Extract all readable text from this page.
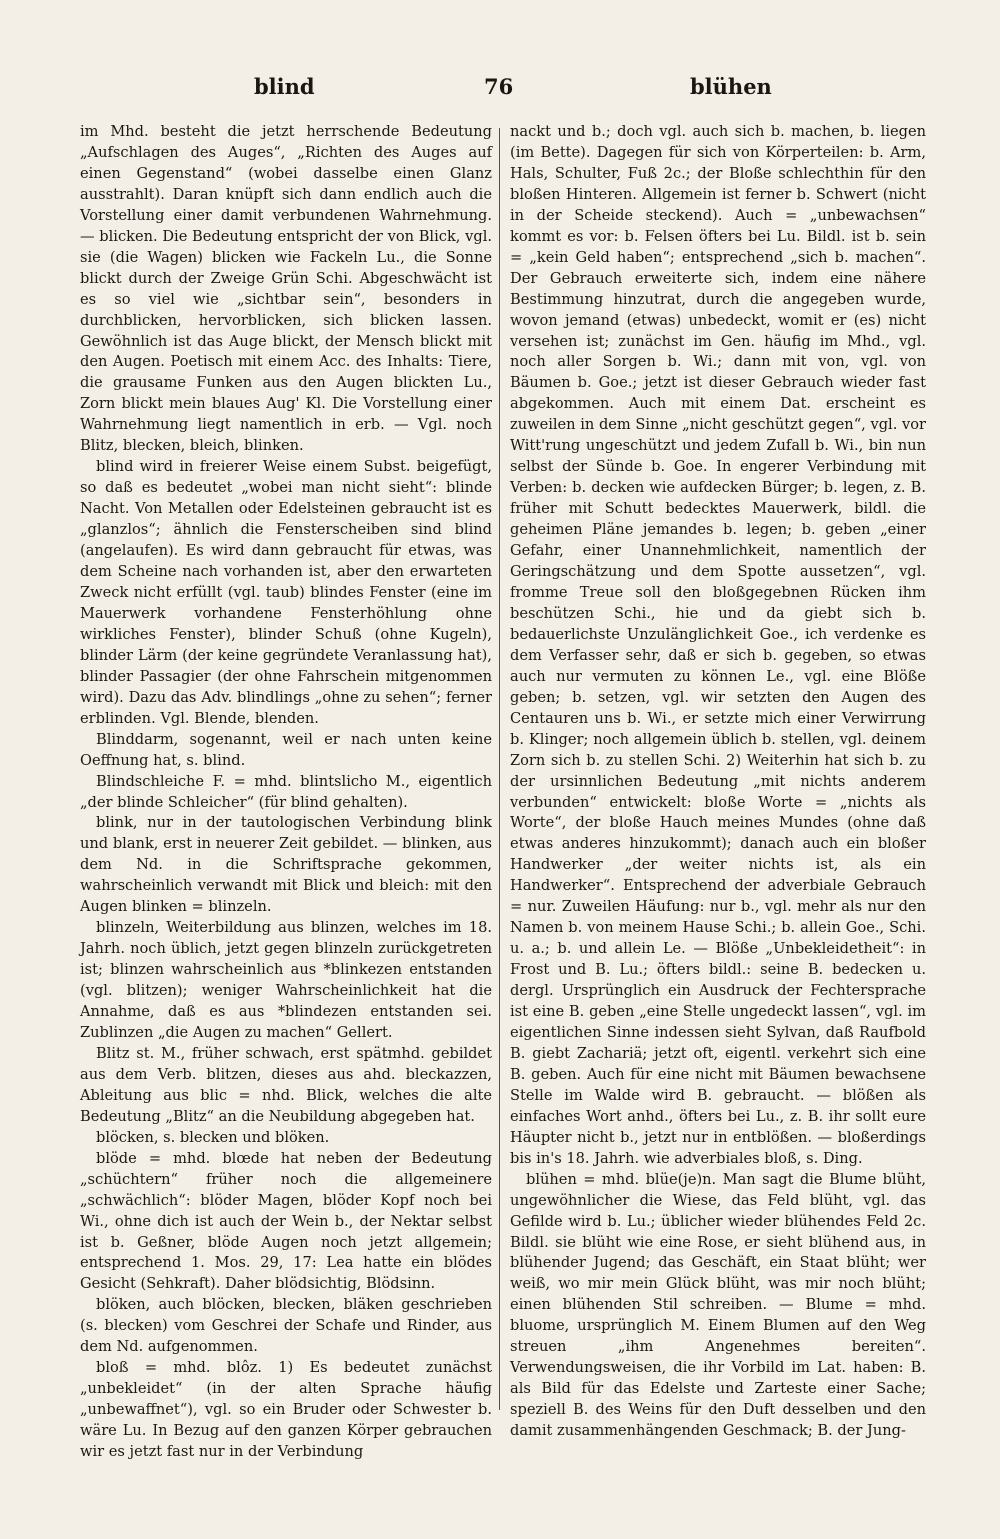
blind	76	blühen

im Mhd. besteht die jetzt herrschende Bedeutung „Aufschlagen des Auges“, „Richten des Auges auf einen Gegenstand“ (wobei dasselbe einen Glanz ausstrahlt). Daran knüpft sich dann endlich auch die Vorstellung einer damit verbundenen Wahrnehmung. — blicken. Die Bedeutung entspricht der von Blick, vgl. sie (die Wagen) blicken wie Fackeln Lu., die Sonne blickt durch der Zweige Grün Schi. Abgeschwächt ist es so viel wie „sichtbar sein“, besonders in durchblicken, hervorblicken, sich blicken lassen. Gewöhnlich ist das Auge blickt, der Mensch blickt mit den Augen. Poetisch mit einem Acc. des Inhalts: Tiere, die grausame Funken aus den Augen blickten Lu., Zorn blickt mein blaues Aug' Kl. Die Vorstellung einer Wahrnehmung liegt namentlich in erb. — Vgl. noch Blitz, blecken, bleich, blinken.

blind wird in freierer Weise einem Subst. beigefügt, so daß es bedeutet „wobei man nicht sieht“: blinde Nacht. Von Metallen oder Edelsteinen gebraucht ist es „glanzlos“; ähnlich die Fensterscheiben sind blind (angelaufen). Es wird dann gebraucht für etwas, was dem Scheine nach vorhanden ist, aber den erwarteten Zweck nicht erfüllt (vgl. taub) blindes Fenster (eine im Mauerwerk vorhandene Fensterhöhlung ohne wirkliches Fenster), blinder Schuß (ohne Kugeln), blinder Lärm (der keine gegründete Veranlassung hat), blinder Passagier (der ohne Fahrschein mitgenommen wird). Dazu das Adv. blindlings „ohne zu sehen“; ferner erblinden. Vgl. Blende, blenden.

Blinddarm, sogenannt, weil er nach unten keine Oeffnung hat, s. blind.

Blindschleiche F. = mhd. blintslicho M., eigentlich „der blinde Schleicher“ (für blind gehalten).

blink, nur in der tautologischen Verbindung blink und blank, erst in neuerer Zeit gebildet. — blinken, aus dem Nd. in die Schriftsprache gekommen, wahrscheinlich verwandt mit Blick und bleich: mit den Augen blinken = blinzeln.

blinzeln, Weiterbildung aus blinzen, welches im 18. Jahrh. noch üblich, jetzt gegen blinzeln zurückgetreten ist; blinzen wahrscheinlich aus *blinkezen entstanden (vgl. blitzen); weniger Wahrscheinlichkeit hat die Annahme, daß es aus *blindezen entstanden sei. Zublinzen „die Augen zu machen“ Gellert.

Blitz st. M., früher schwach, erst spätmhd. gebildet aus dem Verb. blitzen, dieses aus ahd. bleckazzen, Ableitung aus blic = nhd. Blick, welches die alte Bedeutung „Blitz“ an die Neubildung abgegeben hat.

blöcken, s. blecken und blöken.

blöde = mhd. blœde hat neben der Bedeutung „schüchtern“ früher noch die allgemeinere „schwächlich“: blöder Magen, blöder Kopf noch bei Wi., ohne dich ist auch der Wein b., der Nektar selbst ist b. Geßner, blöde Augen noch jetzt allgemein; entsprechend 1. Mos. 29, 17: Lea hatte ein blödes Gesicht (Sehkraft). Daher blödsichtig, Blödsinn.

blöken, auch blöcken, blecken, bläken geschrieben (s. blecken) vom Geschrei der Schafe und Rinder, aus dem Nd. aufgenommen.

bloß = mhd. blôz. 1) Es bedeutet zunächst „unbekleidet“ (in der alten Sprache häufig „unbewaffnet“), vgl. so ein Bruder oder Schwester b. wäre Lu. In Bezug auf den ganzen Körper gebrauchen wir es jetzt fast nur in der Verbindung

nackt und b.; doch vgl. auch sich b. machen, b. liegen (im Bette). Dagegen für sich von Körperteilen: b. Arm, Hals, Schulter, Fuß 2c.; der Bloße schlechthin für den bloßen Hinteren. Allgemein ist ferner b. Schwert (nicht in der Scheide steckend). Auch = „unbewachsen“ kommt es vor: b. Felsen öfters bei Lu. Bildl. ist b. sein = „kein Geld haben“; entsprechend „sich b. machen“. Der Gebrauch erweiterte sich, indem eine nähere Bestimmung hinzutrat, durch die angegeben wurde, wovon jemand (etwas) unbedeckt, womit er (es) nicht versehen ist; zunächst im Gen. häufig im Mhd., vgl. noch aller Sorgen b. Wi.; dann mit von, vgl. von Bäumen b. Goe.; jetzt ist dieser Gebrauch wieder fast abgekommen. Auch mit einem Dat. erscheint es zuweilen in dem Sinne „nicht geschützt gegen“, vgl. vor Witt'rung ungeschützt und jedem Zufall b. Wi., bin nun selbst der Sünde b. Goe. In engerer Verbindung mit Verben: b. decken wie aufdecken Bürger; b. legen, z. B. früher mit Schutt bedecktes Mauerwerk, bildl. die geheimen Pläne jemandes b. legen; b. geben „einer Gefahr, einer Unannehmlichkeit, namentlich der Geringschätzung und dem Spotte aussetzen“, vgl. fromme Treue soll den bloßgegebnen Rücken ihm beschützen Schi., hie und da giebt sich b. bedauerlichste Unzulänglichkeit Goe., ich verdenke es dem Verfasser sehr, daß er sich b. gegeben, so etwas auch nur vermuten zu können Le., vgl. eine Blöße geben; b. setzen, vgl. wir setzten den Augen des Centauren uns b. Wi., er setzte mich einer Verwirrung b. Klinger; noch allgemein üblich b. stellen, vgl. deinem Zorn sich b. zu stellen Schi. 2) Weiterhin hat sich b. zu der ursinnlichen Bedeutung „mit nichts anderem verbunden“ entwickelt: bloße Worte = „nichts als Worte“, der bloße Hauch meines Mundes (ohne daß etwas anderes hinzukommt); danach auch ein bloßer Handwerker „der weiter nichts ist, als ein Handwerker“. Entsprechend der adverbiale Gebrauch = nur. Zuweilen Häufung: nur b., vgl. mehr als nur den Namen b. von meinem Hause Schi.; b. allein Goe., Schi. u. a.; b. und allein Le. — Blöße „Unbekleidetheit“: in Frost und B. Lu.; öfters bildl.: seine B. bedecken u. dergl. Ursprünglich ein Ausdruck der Fechtersprache ist eine B. geben „eine Stelle ungedeckt lassen“, vgl. im eigentlichen Sinne indessen sieht Sylvan, daß Raufbold B. giebt Zachariä; jetzt oft, eigentl. verkehrt sich eine B. geben. Auch für eine nicht mit Bäumen bewachsene Stelle im Walde wird B. gebraucht. — blößen als einfaches Wort anhd., öfters bei Lu., z. B. ihr sollt eure Häupter nicht b., jetzt nur in entblößen. — bloßerdings bis in's 18. Jahrh. wie adverbiales bloß, s. Ding.

blühen = mhd. blüe(je)n. Man sagt die Blume blüht, ungewöhnlicher die Wiese, das Feld blüht, vgl. das Gefilde wird b. Lu.; üblicher wieder blühendes Feld 2c. Bildl. sie blüht wie eine Rose, er sieht blühend aus, in blühender Jugend; das Geschäft, ein Staat blüht; wer weiß, wo mir mein Glück blüht, was mir noch blüht; einen blühenden Stil schreiben. — Blume = mhd. bluome, ursprünglich M. Einem Blumen auf den Weg streuen „ihm Angenehmes bereiten“. Verwendungsweisen, die ihr Vorbild im Lat. haben: B. als Bild für das Edelste und Zarteste einer Sache; speziell B. des Weins für den Duft desselben und den damit zusammenhängenden Geschmack; B. der Jung-
